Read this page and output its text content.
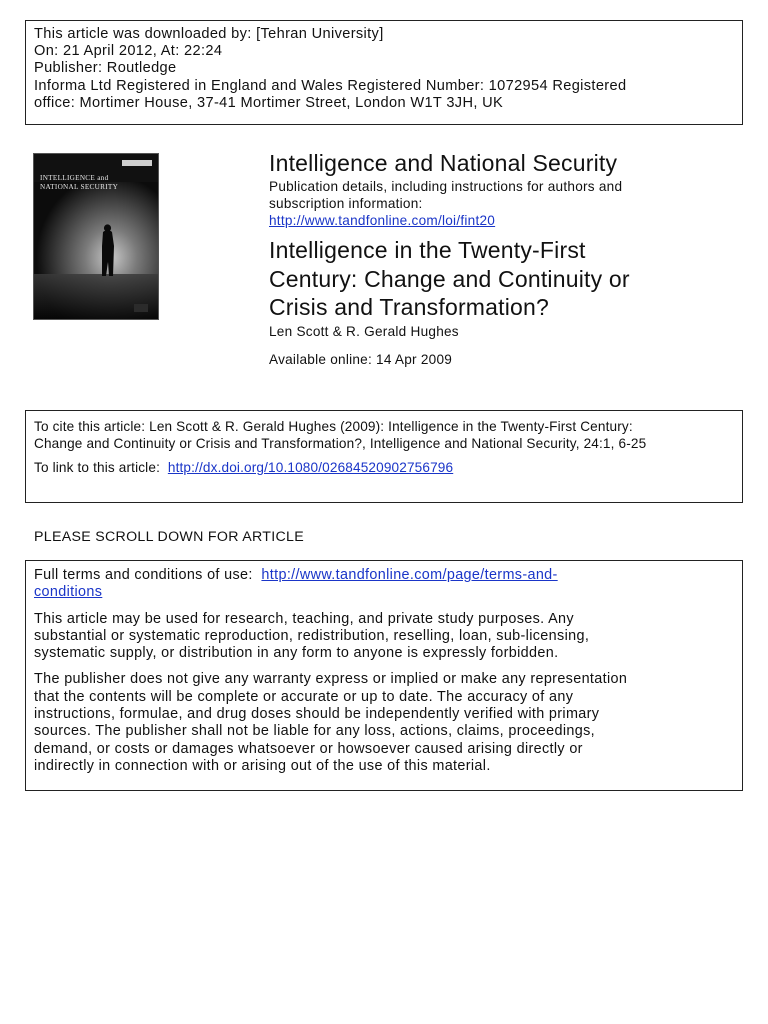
This article was downloaded by: [Tehran University]
On: 21 April 2012, At: 22:24
Publisher: Routledge
Informa Ltd Registered in England and Wales Registered Number: 1072954 Registered
office: Mortimer House, 37-41 Mortimer Street, London W1T 3JH, UK
INTELLIGENCE and
NATIONAL SECURITY
Intelligence and National Security
Publication details, including instructions for authors and
subscription information:
http://www.tandfonline.com/loi/fint20
Intelligence in the Twenty-First
Century: Change and Continuity or
Crisis and Transformation?
Len Scott & R. Gerald Hughes
Available online: 14 Apr 2009
To cite this article: Len Scott & R. Gerald Hughes (2009): Intelligence in the Twenty-First Century:
Change and Continuity or Crisis and Transformation?, Intelligence and National Security, 24:1, 6-25
To link to this article: http://dx.doi.org/10.1080/02684520902756796
PLEASE SCROLL DOWN FOR ARTICLE
Full terms and conditions of use: http://www.tandfonline.com/page/terms-and-
conditions
This article may be used for research, teaching, and private study purposes. Any
substantial or systematic reproduction, redistribution, reselling, loan, sub-licensing,
systematic supply, or distribution in any form to anyone is expressly forbidden.
The publisher does not give any warranty express or implied or make any representation
that the contents will be complete or accurate or up to date. The accuracy of any
instructions, formulae, and drug doses should be independently verified with primary
sources. The publisher shall not be liable for any loss, actions, claims, proceedings,
demand, or costs or damages whatsoever or howsoever caused arising directly or
indirectly in connection with or arising out of the use of this material.
